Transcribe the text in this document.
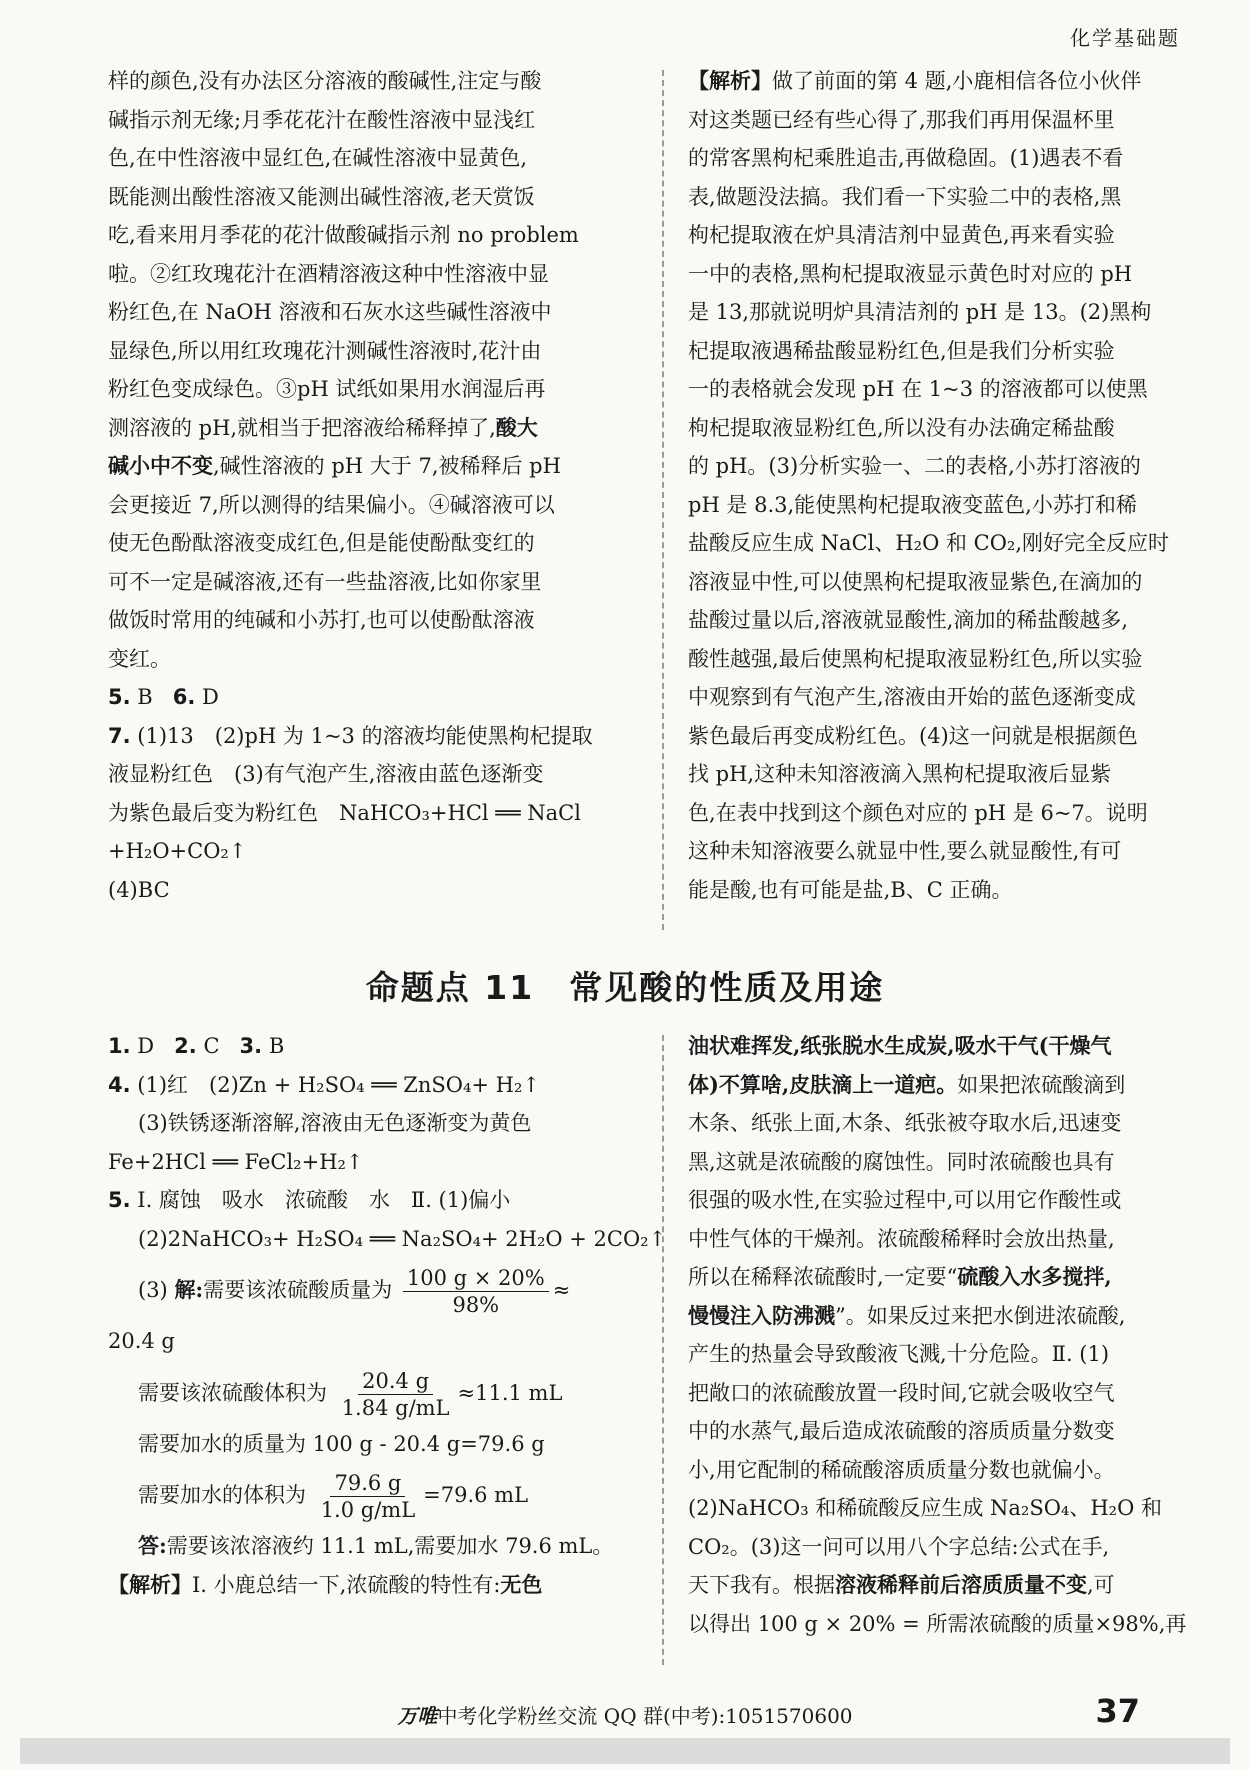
化学基础题
样的颜色,没有办法区分溶液的酸碱性,注定与酸
碱指示剂无缘;月季花花汁在酸性溶液中显浅红
色,在中性溶液中显红色,在碱性溶液中显黄色,
既能测出酸性溶液又能测出碱性溶液,老天赏饭
吃,看来用月季花的花汁做酸碱指示剂 no problem
啦。②红玫瑰花汁在酒精溶液这种中性溶液中显
粉红色,在 NaOH 溶液和石灰水这些碱性溶液中
显绿色,所以用红玫瑰花汁测碱性溶液时,花汁由
粉红色变成绿色。③pH 试纸如果用水润湿后再
测溶液的 pH,就相当于把溶液给稀释掉了,酸大
碱小中不变,碱性溶液的 pH 大于 7,被稀释后 pH
会更接近 7,所以测得的结果偏小。④碱溶液可以
使无色酚酞溶液变成红色,但是能使酚酞变红的
可不一定是碱溶液,还有一些盐溶液,比如你家里
做饭时常用的纯碱和小苏打,也可以使酚酞溶液
变红。
5. B 6. D
7. (1)13　(2)pH 为 1~3 的溶液均能使黑枸杞提取
液显粉红色　(3)有气泡产生,溶液由蓝色逐渐变
为紫色最后变为粉红色　NaHCO₃+HCl ══ NaCl
+H₂O+CO₂↑
(4)BC
【解析】做了前面的第 4 题,小鹿相信各位小伙伴
对这类题已经有些心得了,那我们再用保温杯里
的常客黑枸杞乘胜追击,再做稳固。(1)遇表不看
表,做题没法搞。我们看一下实验二中的表格,黑
枸杞提取液在炉具清洁剂中显黄色,再来看实验
一中的表格,黑枸杞提取液显示黄色时对应的 pH
是 13,那就说明炉具清洁剂的 pH 是 13。(2)黑枸
杞提取液遇稀盐酸显粉红色,但是我们分析实验
一的表格就会发现 pH 在 1~3 的溶液都可以使黑
枸杞提取液显粉红色,所以没有办法确定稀盐酸
的 pH。(3)分析实验一、二的表格,小苏打溶液的
pH 是 8.3,能使黑枸杞提取液变蓝色,小苏打和稀
盐酸反应生成 NaCl、H₂O 和 CO₂,刚好完全反应时
溶液显中性,可以使黑枸杞提取液显紫色,在滴加的
盐酸过量以后,溶液就显酸性,滴加的稀盐酸越多,
酸性越强,最后使黑枸杞提取液显粉红色,所以实验
中观察到有气泡产生,溶液由开始的蓝色逐渐变成
紫色最后再变成粉红色。(4)这一问就是根据颜色
找 pH,这种未知溶液滴入黑枸杞提取液后显紫
色,在表中找到这个颜色对应的 pH 是 6~7。说明
这种未知溶液要么就显中性,要么就显酸性,有可
能是酸,也有可能是盐,B、C 正确。
命题点 11　常见酸的性质及用途
1. D 2. C 3. B
4. (1)红　(2)Zn + H₂SO₄ ══ ZnSO₄+ H₂↑
(3)铁锈逐渐溶解,溶液由无色逐渐变为黄色
Fe+2HCl ══ FeCl₂+H₂↑
5. Ⅰ. 腐蚀　吸水　浓硫酸　水　Ⅱ. (1)偏小
(2)2NaHCO₃+ H₂SO₄ ══ Na₂SO₄+ 2H₂O + 2CO₂↑
(3) 解:需要该浓硫酸质量为 $\frac{100 g \times 20\%}{98\%}$ ≈
20.4 g
需要该浓硫酸体积为 $\frac{20.4 g}{1.84 g/mL} \approx 11.1$ mL
需要加水的质量为 100 g - 20.4 g=79.6 g
需要加水的体积为 $\frac{79.6 g}{1.0 g/mL} =79.6$ mL
答:需要该浓溶液约 11.1 mL,需要加水 79.6 mL。
【解析】Ⅰ. 小鹿总结一下,浓硫酸的特性有:无色
油状难挥发,纸张脱水生成炭,吸水干气(干燥气
体)不算啥,皮肤滴上一道疤。如果把浓硫酸滴到
木条、纸张上面,木条、纸张被夺取水后,迅速变
黑,这就是浓硫酸的腐蚀性。同时浓硫酸也具有
很强的吸水性,在实验过程中,可以用它作酸性或
中性气体的干燥剂。浓硫酸稀释时会放出热量,
所以在稀释浓硫酸时,一定要“硫酸入水多搅拌,
慢慢注入防沸溅”。如果反过来把水倒进浓硫酸,
产生的热量会导致酸液飞溅,十分危险。Ⅱ. (1)
把敞口的浓硫酸放置一段时间,它就会吸收空气
中的水蒸气,最后造成浓硫酸的溶质质量分数变
小,用它配制的稀硫酸溶质质量分数也就偏小。
(2)NaHCO₃ 和稀硫酸反应生成 Na₂SO₄、H₂O 和
CO₂。(3)这一问可以用八个字总结:公式在手,
天下我有。根据溶液稀释前后溶质质量不变,可
以得出 100 g × 20% = 所需浓硫酸的质量×98%,再
万唯中考化学粉丝交流 QQ 群(中考):1051570600	37
